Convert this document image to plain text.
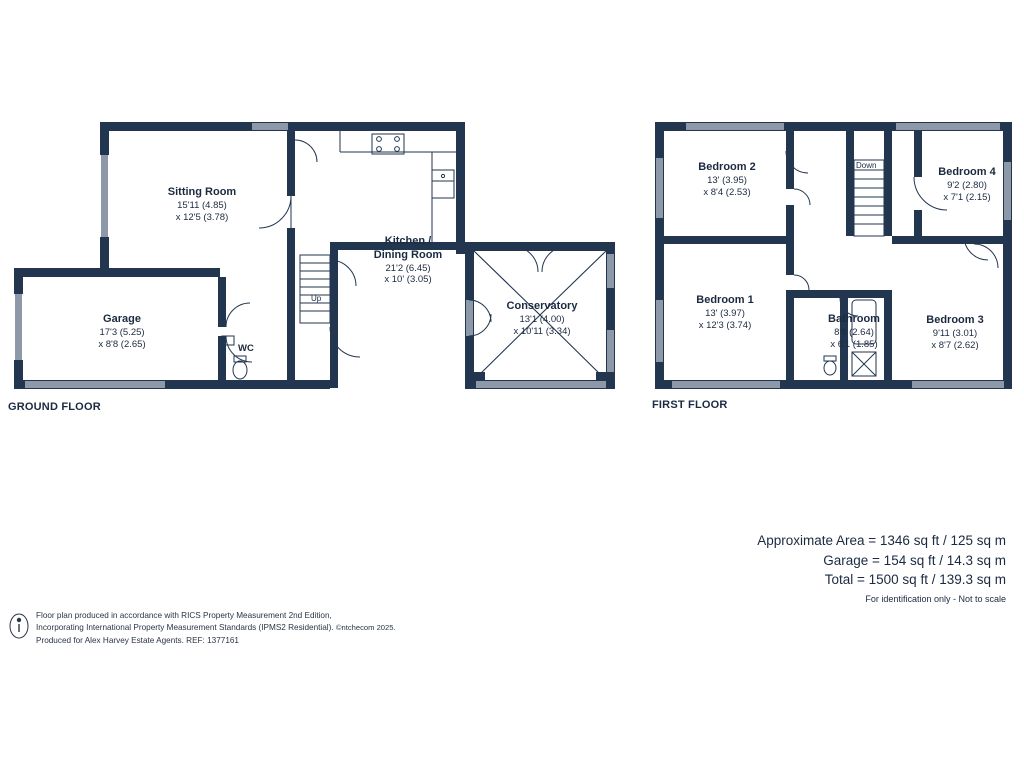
GROUND FLOOR
Sitting Room
15'11 (4.85)
x 12'5 (3.78)
Kitchen /
Dining Room
21'2 (6.45)
x 10' (3.05)
Conservatory
13'1 (4.00)
x 10'11 (3.34)
Garage
17'3 (5.25)
x 8'8 (2.65)	WC
Up
FIRST FLOOR
Bedroom 2
13' (3.95)
x 8'4 (2.53)
Bedroom 4
9'2 (2.80)
x 7'1 (2.15)
Bedroom 1
13' (3.97)
x 12'3 (3.74)	Bedroom 3
9'11 (3.01)
x 8'7 (2.62)
Bathroom
8'8 (2.64)
x 6'1 (1.85)
Down
Approximate Area = 1346 sq ft / 125 sq m
Garage = 154 sq ft / 14.3 sq m
Total = 1500 sq ft / 139.3 sq m
For identification only - Not to scale
Floor plan produced in accordance with RICS Property Measurement 2nd Edition,
Incorporating International Property Measurement Standards (IPMS2 Residential). ©ntchecom 2025.
Produced for Alex Harvey Estate Agents. REF: 1377161
